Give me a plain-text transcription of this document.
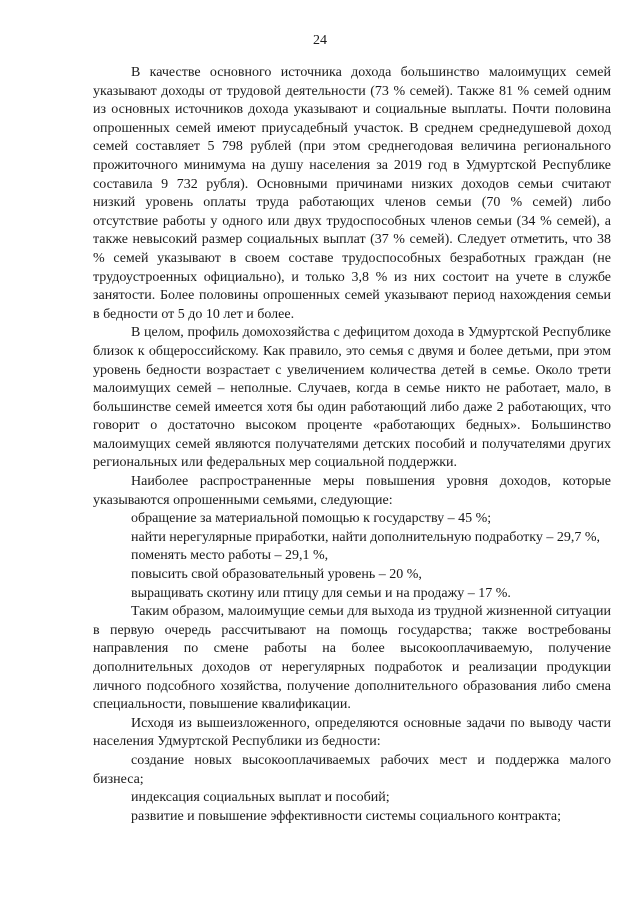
24

В качестве основного источника дохода большинство малоимущих семей указывают доходы от трудовой деятельности (73 % семей). Также 81 % семей одним из основных источников дохода указывают и социальные выплаты. Почти половина опрошенных семей имеют приусадебный участок. В среднем среднедушевой доход семей составляет 5 798 рублей (при этом среднегодовая величина регионального прожиточного минимума на душу населения за 2019 год в Удмуртской Республике составила 9 732 рубля). Основными причинами низких доходов семьи считают низкий уровень оплаты труда работающих членов семьи (70 % семей) либо отсутствие работы у одного или двух трудоспособных членов семьи (34 % семей), а также невысокий размер социальных выплат (37 % семей). Следует отметить, что 38 % семей указывают в своем составе трудоспособных безработных граждан (не трудоустроенных официально), и только 3,8 % из них состоит на учете в службе занятости. Более половины опрошенных семей указывают период нахождения семьи в бедности от 5 до 10 лет и более.

В целом, профиль домохозяйства с дефицитом дохода в Удмуртской Республике близок к общероссийскому. Как правило, это семья с двумя и более детьми, при этом уровень бедности возрастает с увеличением количества детей в семье. Около трети малоимущих семей – неполные. Случаев, когда в семье никто не работает, мало, в большинстве семей имеется хотя бы один работающий либо даже 2 работающих, что говорит о достаточно высоком проценте «работающих бедных». Большинство малоимущих семей являются получателями детских пособий и получателями других региональных или федеральных мер социальной поддержки.

Наиболее распространенные меры повышения уровня доходов, которые указываются опрошенными семьями, следующие:

обращение за материальной помощью к государству – 45 %;

найти нерегулярные приработки, найти дополнительную подработку – 29,7 %,

поменять место работы – 29,1 %,

повысить свой образовательный уровень – 20 %,

выращивать скотину или птицу для семьи и на продажу – 17 %.

Таким образом, малоимущие семьи для выхода из трудной жизненной ситуации в первую очередь рассчитывают на помощь государства; также востребованы направления по смене работы на более высокооплачиваемую, получение дополнительных доходов от нерегулярных подработок и реализации продукции личного подсобного хозяйства, получение дополнительного образования либо смена специальности, повышение квалификации.

Исходя из вышеизложенного, определяются основные задачи по выводу части населения Удмуртской Республики из бедности:

создание новых высокооплачиваемых рабочих мест и поддержка малого бизнеса;

индексация социальных выплат и пособий;

развитие и повышение эффективности системы социального контракта;
